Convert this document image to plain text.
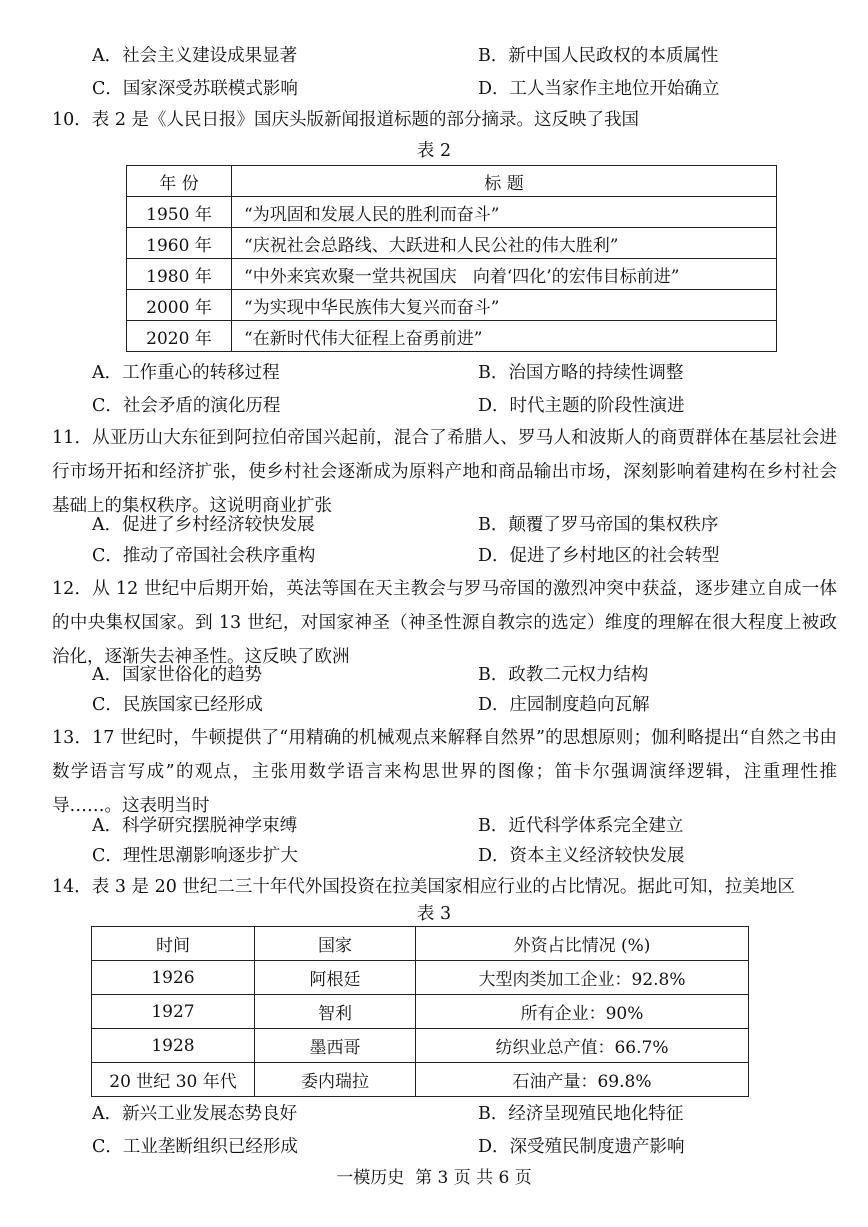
A．社会主义建设成果显著	B．新中国人民政权的本质属性
C．国家深受苏联模式影响	D．工人当家作主地位开始确立
10．表 2 是《人民日报》国庆头版新闻报道标题的部分摘录。这反映了我国
表 2
年 份	标 题
1950 年	“为巩固和发展人民的胜利而奋斗”
1960 年	“庆祝社会总路线、大跃进和人民公社的伟大胜利”
1980 年	“中外来宾欢聚一堂共祝国庆   向着‘四化’的宏伟目标前进”
2000 年	“为实现中华民族伟大复兴而奋斗”
2020 年	“在新时代伟大征程上奋勇前进”
A．工作重心的转移过程	B．治国方略的持续性调整
C．社会矛盾的演化历程	D．时代主题的阶段性演进
11．从亚历山大东征到阿拉伯帝国兴起前，混合了希腊人、罗马人和波斯人的商贾群体在基层社会进行市场开拓和经济扩张，使乡村社会逐渐成为原料产地和商品输出市场，深刻影响着建构在乡村社会基础上的集权秩序。这说明商业扩张
A．促进了乡村经济较快发展	B．颠覆了罗马帝国的集权秩序
C．推动了帝国社会秩序重构	D．促进了乡村地区的社会转型
12．从 12 世纪中后期开始，英法等国在天主教会与罗马帝国的激烈冲突中获益，逐步建立自成一体的中央集权国家。到 13 世纪，对国家神圣（神圣性源自教宗的选定）维度的理解在很大程度上被政治化，逐渐失去神圣性。这反映了欧洲
A．国家世俗化的趋势	B．政教二元权力结构
C．民族国家已经形成	D．庄园制度趋向瓦解
13．17 世纪时，牛顿提供了“用精确的机械观点来解释自然界”的思想原则；伽利略提出“自然之书由数学语言写成”的观点，主张用数学语言来构思世界的图像；笛卡尔强调演绎逻辑，注重理性推导……。这表明当时
A．科学研究摆脱神学束缚	B．近代科学体系完全建立
C．理性思潮影响逐步扩大	D．资本主义经济较快发展
14．表 3 是 20 世纪二三十年代外国投资在拉美国家相应行业的占比情况。据此可知，拉美地区
表 3
时间	国家	外资占比情况 (%)
1926	阿根廷	大型肉类加工企业：92.8%
1927	智利	所有企业：90%
1928	墨西哥	纺织业总产值：66.7%
20 世纪 30 年代	委内瑞拉	石油产量：69.8%
A．新兴工业发展态势良好	B．经济呈现殖民地化特征
C．工业垄断组织已经形成	D．深受殖民制度遗产影响
一模历史  第 3 页 共 6 页
